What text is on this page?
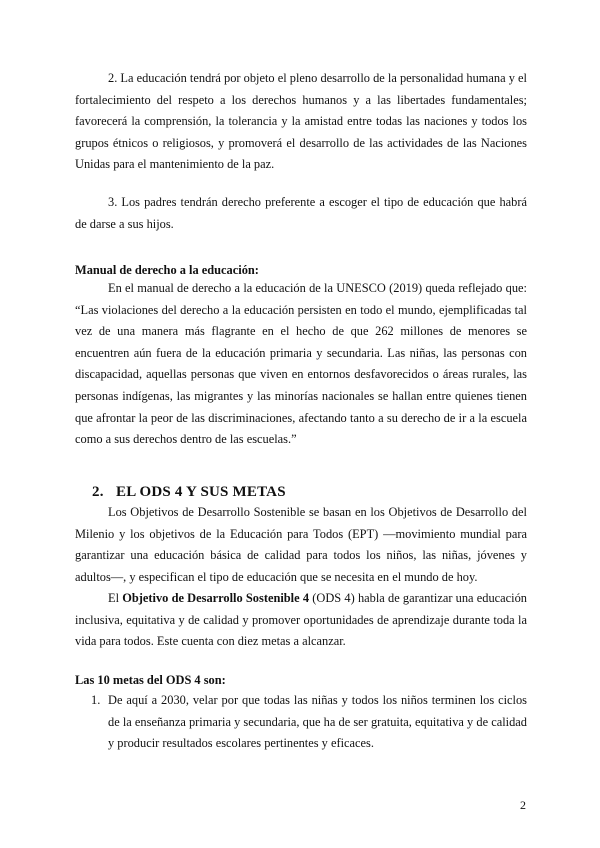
2. La educación tendrá por objeto el pleno desarrollo de la personalidad humana y el fortalecimiento del respeto a los derechos humanos y a las libertades fundamentales; favorecerá la comprensión, la tolerancia y la amistad entre todas las naciones y todos los grupos étnicos o religiosos, y promoverá el desarrollo de las actividades de las Naciones Unidas para el mantenimiento de la paz.

3. Los padres tendrán derecho preferente a escoger el tipo de educación que habrá de darse a sus hijos.

Manual de derecho a la educación:

En el manual de derecho a la educación de la UNESCO (2019) queda reflejado que: “Las violaciones del derecho a la educación persisten en todo el mundo, ejemplificadas tal vez de una manera más flagrante en el hecho de que 262 millones de menores se encuentren aún fuera de la educación primaria y secundaria. Las niñas, las personas con discapacidad, aquellas personas que viven en entornos desfavorecidos o áreas rurales, las personas indígenas, las migrantes y las minorías nacionales se hallan entre quienes tienen que afrontar la peor de las discriminaciones, afectando tanto a su derecho de ir a la escuela como a sus derechos dentro de las escuelas.”

2. EL ODS 4 Y SUS METAS

Los Objetivos de Desarrollo Sostenible se basan en los Objetivos de Desarrollo del Milenio y los objetivos de la Educación para Todos (EPT) —movimiento mundial para garantizar una educación básica de calidad para todos los niños, las niñas, jóvenes y adultos—, y especifican el tipo de educación que se necesita en el mundo de hoy.

El Objetivo de Desarrollo Sostenible 4 (ODS 4) habla de garantizar una educación inclusiva, equitativa y de calidad y promover oportunidades de aprendizaje durante toda la vida para todos. Este cuenta con diez metas a alcanzar.

Las 10 metas del ODS 4 son:
1. De aquí a 2030, velar por que todas las niñas y todos los niños terminen los ciclos de la enseñanza primaria y secundaria, que ha de ser gratuita, equitativa y de calidad y producir resultados escolares pertinentes y eficaces.
2
